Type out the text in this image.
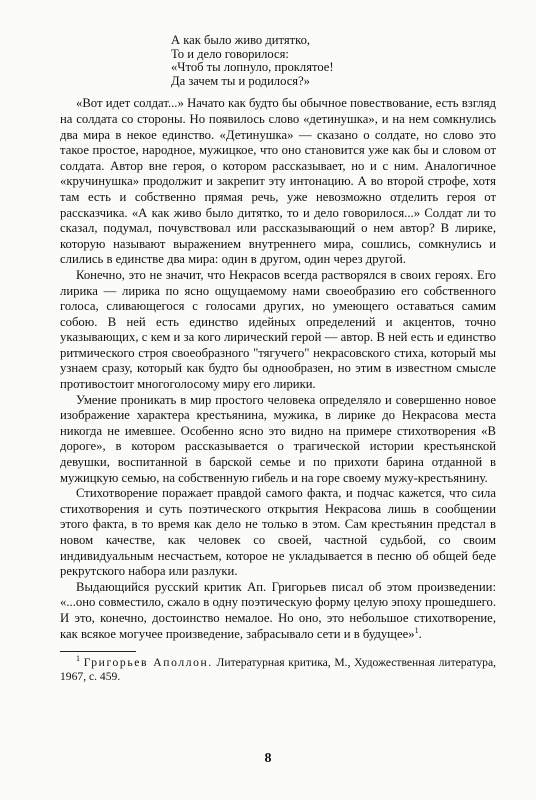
А как было живо дитятко,
То и дело говорилося:
«Чтоб ты лопнуло, проклятое!
Да зачем ты и родилося?»

«Вот идет солдат...» Начато как будто бы обычное повествование, есть взгляд на солдата со стороны. Но появилось слово «детинушка», и на нем сомкнулись два мира в некое единство. «Детинушка» — сказано о солдате, но слово это такое простое, народное, мужицкое, что оно становится уже как бы и словом от солдата. Автор вне героя, о котором рассказывает, но и с ним. Аналогичное «кручинушка» продолжит и закрепит эту интонацию. А во второй строфе, хотя там есть и собственно прямая речь, уже невозможно отделить героя от рассказчика. «А как живо было дитятко, то и дело говорилося...» Солдат ли то сказал, подумал, почувствовал или рассказывающий о нем автор? В лирике, которую называют выражением внутреннего мира, сошлись, сомкнулись и слились в единстве два мира: один в другом, один через другой.

Конечно, это не значит, что Некрасов всегда растворялся в своих героях. Его лирика — лирика по ясно ощущаемому нами своеобразию его собственного голоса, сливающегося с голосами других, но умеющего оставаться самим собою. В ней есть единство идейных определений и акцентов, точно указывающих, с кем и за кого лирический герой — автор. В ней есть и единство ритмического строя своеобразного "тягучего" некрасовского стиха, который мы узнаем сразу, который как будто бы однообразен, но этим в известном смысле противостоит многоголосому миру его лирики.

Умение проникать в мир простого человека определяло и совершенно новое изображение характера крестьянина, мужика, в лирике до Некрасова места никогда не имевшее. Особенно ясно это видно на примере стихотворения «В дороге», в котором рассказывается о трагической истории крестьянской девушки, воспитанной в барской семье и по прихоти барина отданной в мужицкую семью, на собственную гибель и на горе своему мужу-крестьянину.

Стихотворение поражает правдой самого факта, и подчас кажется, что сила стихотворения и суть поэтического открытия Некрасова лишь в сообщении этого факта, в то время как дело не только в этом. Сам крестьянин предстал в новом качестве, как человек со своей, частной судьбой, со своим индивидуальным несчастьем, которое не укладывается в песню об общей беде рекрутского набора или разлуки.

Выдающийся русский критик Ап. Григорьев писал об этом произведении: «...оно совместило, сжало в одну поэтическую форму целую эпоху прошедшего. И это, конечно, достоинство немалое. Но оно, это небольшое стихотворение, как всякое могучее произведение, забрасывало сети и в будущее»$^1$.

$^1$ Григорьев Аполлон. Литературная критика, М., Художественная литература, 1967, с. 459.

8
